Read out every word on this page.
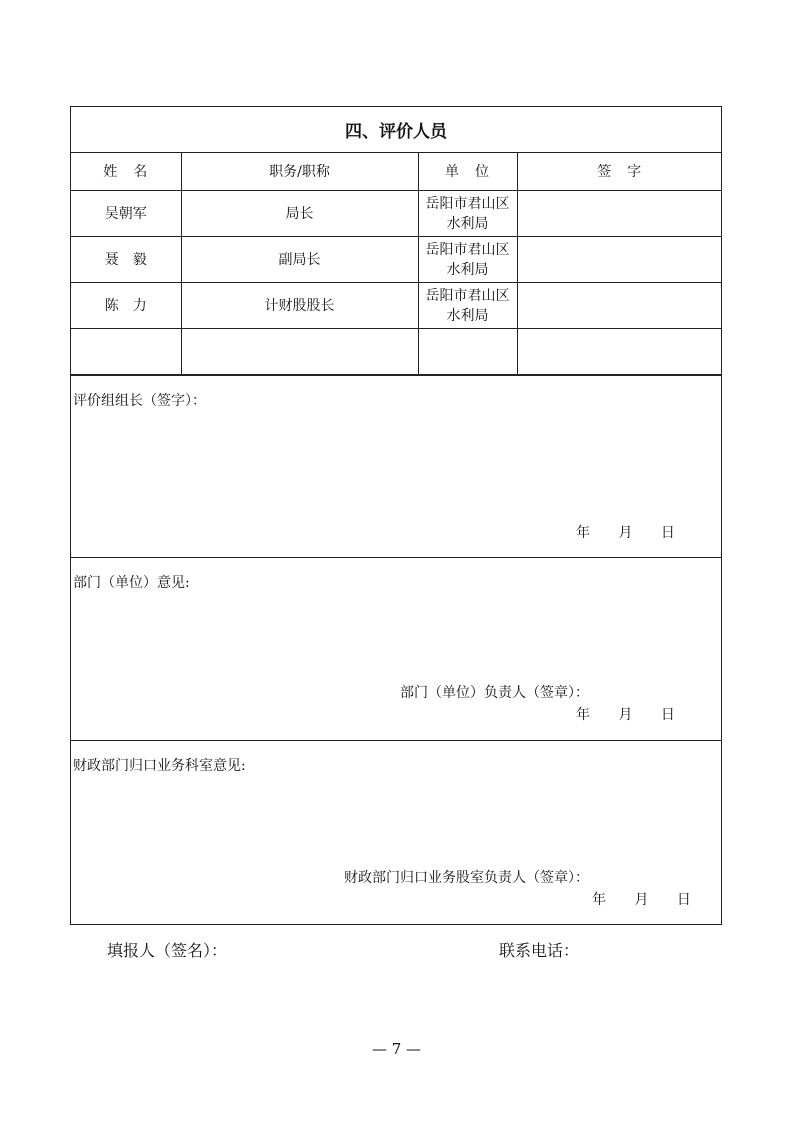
四、评价人员
姓　名	职务/职称	单　位	签　字
吴朝军	局长	岳阳市君山区
水利局	

聂　毅	副局长	岳阳市君山区
水利局	

陈　力	计财股股长	岳阳市君山区
水利局	

评价组组长（签字）：
年 月 日
部门（单位）意见:
部门（单位）负责人（签章）：
年 月 日
财政部门归口业务科室意见:
财政部门归口业务股室负责人（签章）：
年 月 日
填报人（签名）：	联系电话：
— 7 —
